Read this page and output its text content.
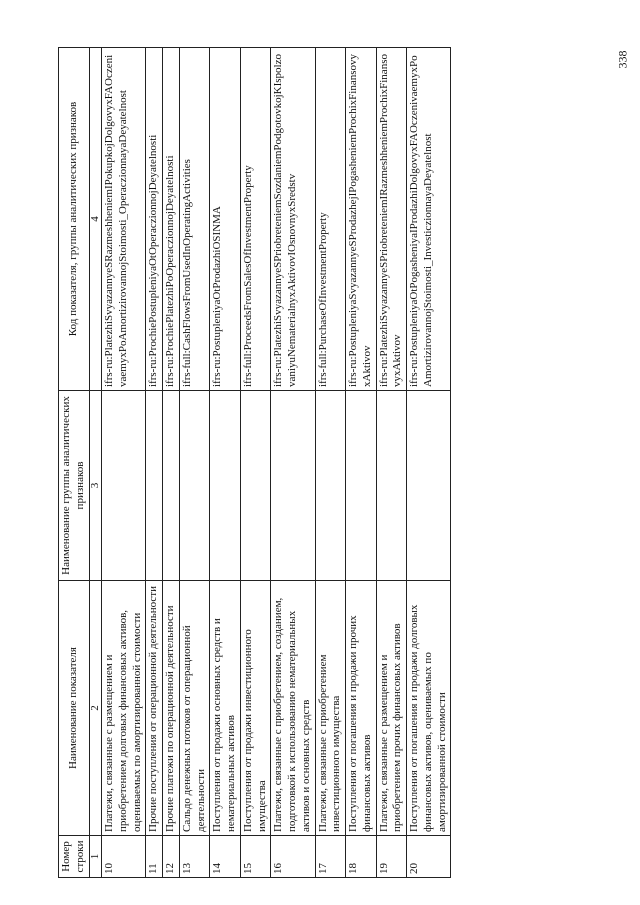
338
Номер строки	Наименование показателя	Наименование группы аналитических признаков	Код показателя, группы аналитических признаков
1	2	3	4
10	Платежи, связанные с размещением и приобретением долговых финансовых активов, оцениваемых по амортизированной стоимости		ifrs-ru:PlatezhiSvyazannyeSRazmeshheniemIPokupkojDolgovyxFAOczenivaemyxPoAmortizirovannojStoimosti_OperaczionnayaDeyatelnost
11	Прочие поступления от операционной деятельности		ifrs-ru:ProchiePostupleniyaOtOperaczionnojDeyatelnosti
12	Прочие платежи по операционной деятельности		ifrs-ru:ProchiePlatezhiPoOperaczionnojDeyatelnosti
13	Сальдо денежных потоков от операционной деятельности		ifrs-full:CashFlowsFromUsedInOperatingActivities
14	Поступления от продажи основных средств и нематериальных активов		ifrs-ru:PostupleniyaOtProdazhiOSINMA
15	Поступления от продажи инвестиционного имущества		ifrs-full:ProceedsFromSalesOfInvestmentProperty
16	Платежи, связанные с приобретением, созданием, подготовкой к использованию нематериальных активов и основных средств		ifrs-ru:PlatezhiSvyazannyeSPriobreteniemSozdaniemPodgotovkojKIspolzovaniyuNematerialnyxAktivovIOsnovnyxSredstv
17	Платежи, связанные с приобретением инвестиционного имущества		ifrs-full:PurchaseOfInvestmentProperty
18	Поступления от погашения и продажи прочих финансовых активов		ifrs-ru:PostupleniyaSvyazannyeSProdazhejIPogasheniemProchixFinansovyxAktivov
19	Платежи, связанные с размещением и приобретением прочих финансовых активов		ifrs-ru:PlatezhiSvyazannyeSPriobreteniemIRazmeshheniemProchixFinansovyxAktivov
20	Поступления от погашения и продажи долговых финансовых активов, оцениваемых по амортизированной стоимости		ifrs-ru:PostupleniyaOtPogasheniyaIProdazhiDolgovyxFAOczenivaemyxPoAmortizirovannojStoimosti_InvesticzionnayaDeyatelnost
